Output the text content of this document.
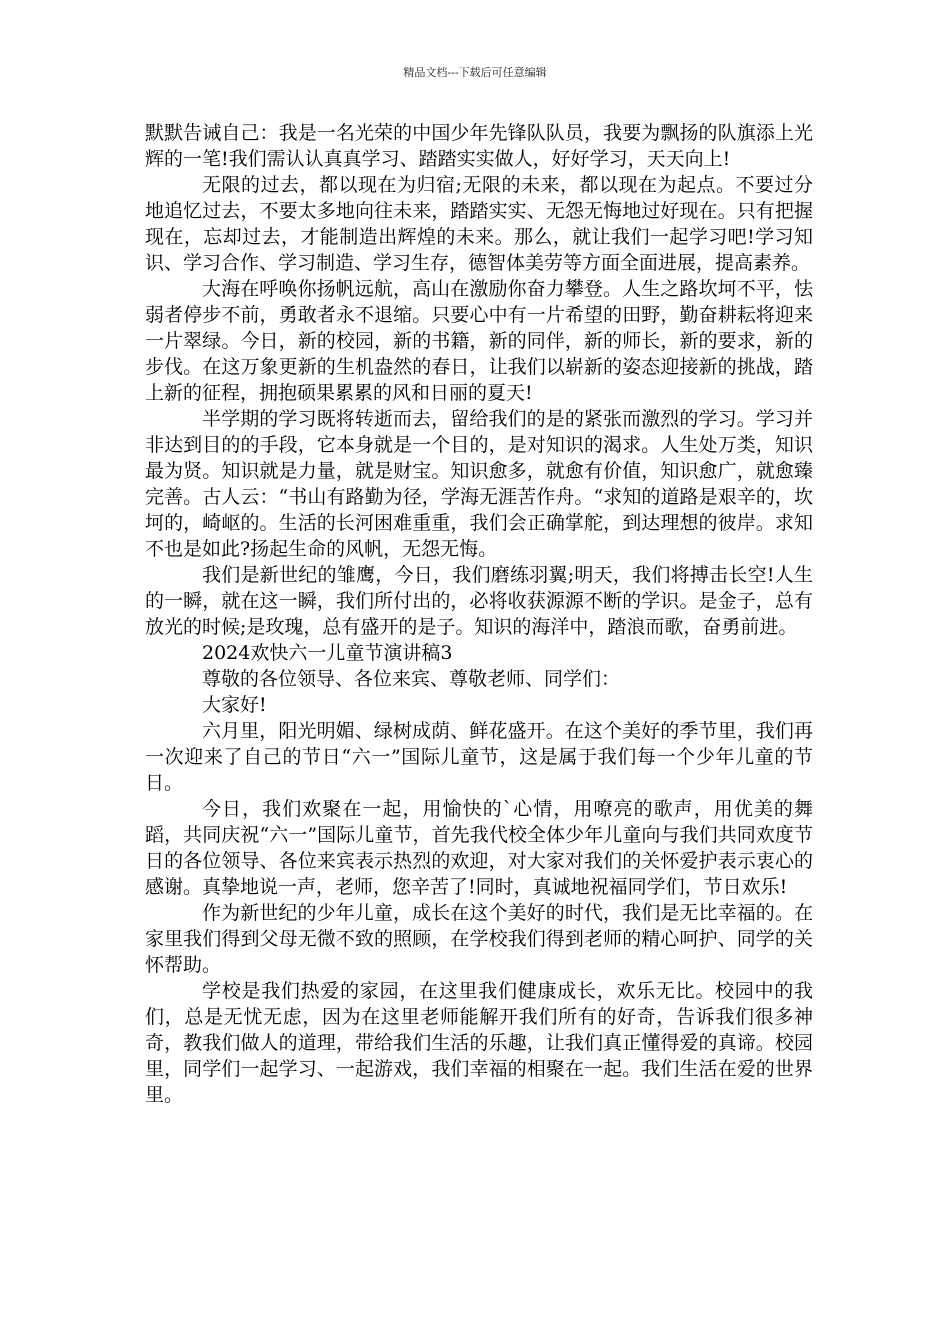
精品文档---下载后可任意编辑

默默告诫自己：我是一名光荣的中国少年先锋队队员，我要为飘扬的队旗添上光辉的一笔!我们需认认真真学习、踏踏实实做人，好好学习，天天向上!

无限的过去，都以现在为归宿;无限的未来，都以现在为起点。不要过分地追忆过去，不要太多地向往未来，踏踏实实、无怨无悔地过好现在。只有把握现在，忘却过去，才能制造出辉煌的未来。那么，就让我们一起学习吧!学习知识、学习合作、学习制造、学习生存，德智体美劳等方面全面进展，提高素养。

大海在呼唤你扬帆远航，高山在激励你奋力攀登。人生之路坎坷不平，怯弱者停步不前，勇敢者永不退缩。只要心中有一片希望的田野，勤奋耕耘将迎来一片翠绿。今日，新的校园，新的书籍，新的同伴，新的师长，新的要求，新的步伐。在这万象更新的生机盎然的春日，让我们以崭新的姿态迎接新的挑战，踏上新的征程，拥抱硕果累累的风和日丽的夏天!

半学期的学习既将转逝而去，留给我们的是的紧张而激烈的学习。学习并非达到目的的手段，它本身就是一个目的，是对知识的渴求。人生处万类，知识最为贤。知识就是力量，就是财宝。知识愈多，就愈有价值，知识愈广，就愈臻完善。古人云：“书山有路勤为径，学海无涯苦作舟。“求知的道路是艰辛的，坎坷的，崎岖的。生活的长河困难重重，我们会正确掌舵，到达理想的彼岸。求知不也是如此?扬起生命的风帆，无怨无悔。

我们是新世纪的雏鹰，今日，我们磨练羽翼;明天，我们将搏击长空!人生的一瞬，就在这一瞬，我们所付出的，必将收获源源不断的学识。是金子，总有放光的时候;是玫瑰，总有盛开的是子。知识的海洋中，踏浪而歌，奋勇前进。

2024欢快六一儿童节演讲稿3

尊敬的各位领导、各位来宾、尊敬老师、同学们：

大家好!

六月里，阳光明媚、绿树成荫、鲜花盛开。在这个美好的季节里，我们再一次迎来了自己的节日“六一”国际儿童节，这是属于我们每一个少年儿童的节日。

今日，我们欢聚在一起，用愉快的`心情，用嘹亮的歌声，用优美的舞蹈，共同庆祝“六一”国际儿童节，首先我代校全体少年儿童向与我们共同欢度节日的各位领导、各位来宾表示热烈的欢迎，对大家对我们的关怀爱护表示衷心的感谢。真挚地说一声，老师，您辛苦了!同时，真诚地祝福同学们，节日欢乐!

作为新世纪的少年儿童，成长在这个美好的时代，我们是无比幸福的。在家里我们得到父母无微不致的照顾，在学校我们得到老师的精心呵护、同学的关怀帮助。

学校是我们热爱的家园，在这里我们健康成长，欢乐无比。校园中的我们，总是无忧无虑，因为在这里老师能解开我们所有的好奇，告诉我们很多神奇，教我们做人的道理，带给我们生活的乐趣，让我们真正懂得爱的真谛。校园里，同学们一起学习、一起游戏，我们幸福的相聚在一起。我们生活在爱的世界里。
